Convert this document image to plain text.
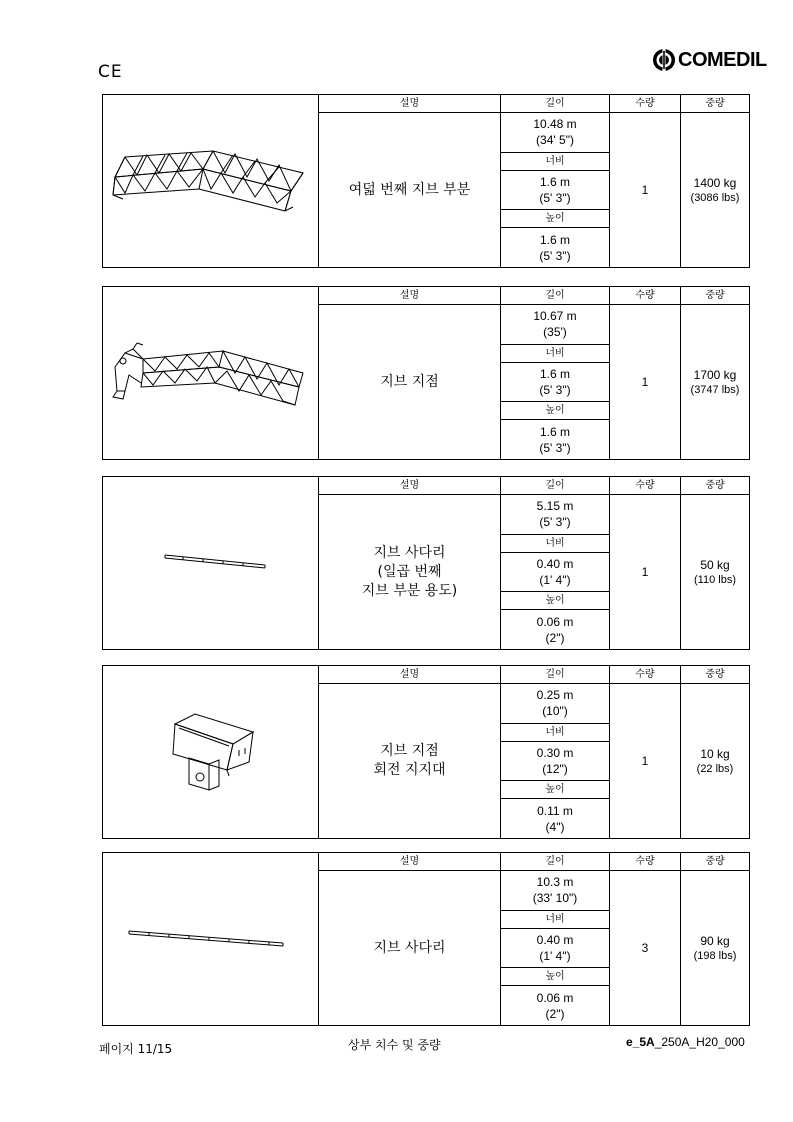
CE
COMEDIL
설명
여덟 번째 지브 부분
길이
10.48 m
(34' 5")
너비
1.6 m
(5' 3")
높이
1.6 m
(5' 3")
수량
1
중량
1400 kg
(3086 lbs)
설명
지브 지점
길이
10.67 m
(35')
너비
1.6 m
(5' 3")
높이
1.6 m
(5' 3")
수량
1
중량
1700 kg
(3747 lbs)
설명
지브 사다리
(일곱 번째
지브 부분 용도)
길이
5.15 m
(5' 3")
너비
0.40 m
(1' 4")
높이
0.06 m
(2")
수량
1
중량
50 kg
(110 lbs)
설명
지브 지점
회전 지지대
길이
0.25 m
(10")
너비
0.30 m
(12")
높이
0.11 m
(4")
수량
1
중량
10 kg
(22 lbs)
설명
지브 사다리
길이
10.3 m
(33' 10")
너비
0.40 m
(1' 4")
높이
0.06 m
(2")
수량
3
중량
90 kg
(198 lbs)
페이지 11/15	상부 치수 및 중량	e_5A_250A_H20_000
